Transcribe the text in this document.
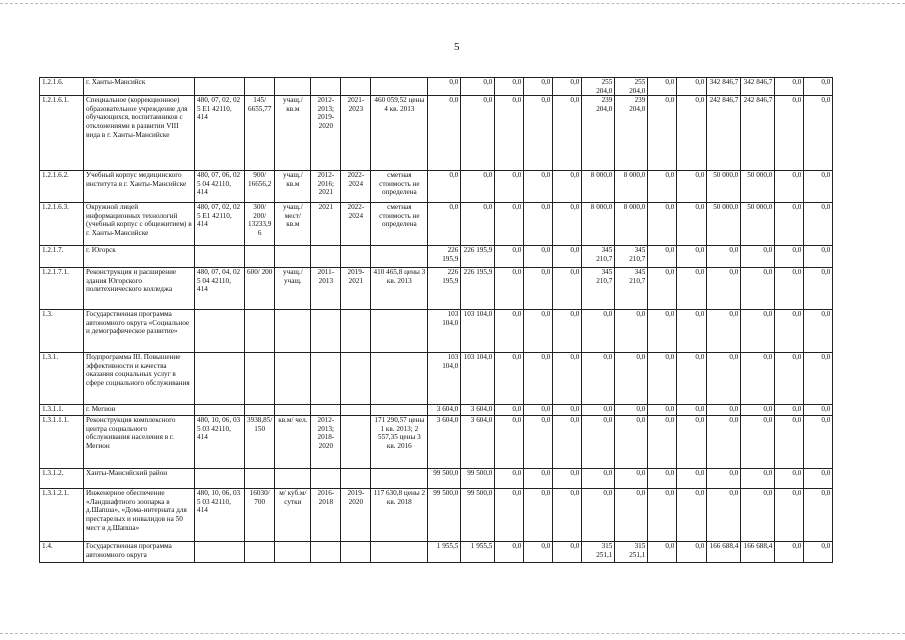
5
1.2.1.6.	г. Ханты-Мансийск							0,0	0,0	0,0	0,0	0,0	255 204,0	255 204,0	0,0	0,0	342 846,7	342 846,7	0,0	0,0
1.2.1.6.1.	Специальное (коррекционное) образовательное учреждение для обучающихся, воспитанников с отклонениями в развитии VIII вида в г. Ханты-Мансийске	480, 07, 02, 02 5 Е1 42110, 414	145/ 6655,77	учащ./ кв.м	2012-2013; 2019-2020	2021-2023	460 059,52 цены 4 кв. 2013	0,0	0,0	0,0	0,0	0,0	239 204,0	239 204,0	0,0	0,0	242 846,7	242 846,7	0,0	0,0
1.2.1.6.2.	Учебный корпус медицинского института в г. Ханты-Мансийске	480, 07, 06, 02 5 04 42110, 414	900/ 16656,2	учащ./ кв.м	2012-2016; 2021	2022-2024	сметная стоимость не определена	0,0	0,0	0,0	0,0	0,0	8 000,0	8 000,0	0,0	0,0	50 000,0	50 000,0	0,0	0,0
1.2.1.6.3.	Окружной лицей информационных технологий (учебный корпус с общежитием) в г. Ханты-Мансийске	480, 07, 02, 02 5 Е1 42110, 414	300/ 200/ 13233,9 6	учащ./ мест/ кв.м	2021	2022-2024	сметная стоимость не определена	0,0	0,0	0,0	0,0	0,0	8 000,0	8 000,0	0,0	0,0	50 000,0	50 000,0	0,0	0,0
1.2.1.7.	г. Югорск							226 195,9	226 195,9	0,0	0,0	0,0	345 210,7	345 210,7	0,0	0,0	0,0	0,0	0,0	0,0
1.2.1.7.1.	Реконструкция и расширение здания Югорского политехнического колледжа	480, 07, 04, 02 5 04 42110, 414	600/ 200	учащ./ учащ.	2011-2013	2019-2021	410 465,8 цены 3 кв. 2013	226 195,9	226 195,9	0,0	0,0	0,0	345 210,7	345 210,7	0,0	0,0	0,0	0,0	0,0	0,0
1.3.	Государственная программа автономного округа «Социальное и демографическое развитие»							103 104,0	103 104,0	0,0	0,0	0,0	0,0	0,0	0,0	0,0	0,0	0,0	0,0	0,0
1.3.1.	Подпрограмма III. Повышение эффективности и качества оказания социальных услуг в сфере социального обслуживания							103 104,0	103 104,0	0,0	0,0	0,0	0,0	0,0	0,0	0,0	0,0	0,0	0,0	0,0
1.3.1.1.	г. Мегион							3 604,0	3 604,0	0,0	0,0	0,0	0,0	0,0	0,0	0,0	0,0	0,0	0,0	0,0
1.3.1.1.1.	Реконструкция комплексного центра социального обслуживания населения в г. Мегион	480, 10, 06, 03 5 03 42110, 414	3938,85/ 150	кв.м/ чел.	2012-2013; 2018-2020		171 290,57 цены 1 кв. 2013; 2 557,35 цены 3 кв. 2016	3 604,0	3 604,0	0,0	0,0	0,0	0,0	0,0	0,0	0,0	0,0	0,0	0,0	0,0
1.3.1.2.	Ханты-Мансийский район							99 500,0	99 500,0	0,0	0,0	0,0	0,0	0,0	0,0	0,0	0,0	0,0	0,0	0,0
1.3.1.2.1.	Инженерное обеспечение «Ландшафтного зоопарка в д.Шапша», «Дома-интерната для престарелых и инвалидов на 50 мест в д.Шапша»	480, 10, 06, 03 5 03 42110, 414	16030/ 700	м/ куб.м/ сутки	2016-2018	2019-2020	117 630,8 цены 2 кв. 2018	99 500,0	99 500,0	0,0	0,0	0,0	0,0	0,0	0,0	0,0	0,0	0,0	0,0	0,0
1.4.	Государственная программа автономного округа							1 955,5	1 955,5	0,0	0,0	0,0	315 251,1	315 251,1	0,0	0,0	166 688,4	166 688,4	0,0	0,0
